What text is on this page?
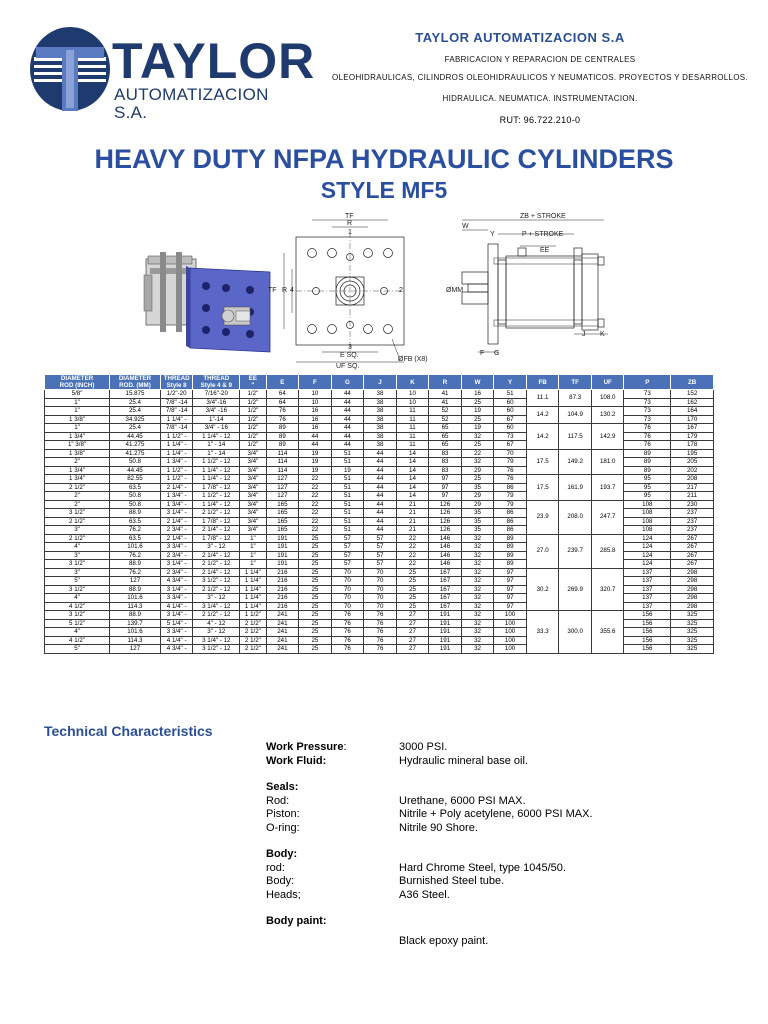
TAYLOR
AUTOMATIZACION S.A.
TAYLOR AUTOMATIZACION S.A
FABRICACION Y REPARACION DE CENTRALES
OLEOHIDRAULICAS, CILINDROS OLEOHIDRAULICOS Y NEUMATICOS. PROYECTOS Y DESARROLLOS.
HIDRAULICA. NEUMATICA. INSTRUMENTACION.
RUT: 96.722.210-0
HEAVY DUTY NFPA HYDRAULIC CYLINDERS
STYLE MF5
TF
R
TF R 4	2
1
3
E SQ.
UF SQ.
ØFB (X8)
ZB + STROKE
W
Y	P + STROKE
EE
ØMM
F G
J K
DIAMETER
ROD (INCH)	DIAMETER
ROD. (MM)	THREAD
Style 8	THREAD
Style 4 & 9	EE
"	E	F	G	J	K	R	W	Y	FB	TF	UF	P	ZB
5/8"	15.875	1/2"-20	7/16"-20	1/2"	64	10	44	38	10	41	16	51	11.1	87.3	108.0	73	152
1"	25.4	7/8" -14	3/4"-16	1/2"	64	10	44	38	10	41	25	60				73	162
1"	25.4	7/8" -14	3/4" -16	1/2"	76	16	44	38	11	52	19	60	14.2	104.9	130.2	73	164
1 3/8"	34.925	1 1/4" -	1"-14	1/2"	76	16	44	38	11	52	25	67				73	170
1"	25.4	7/8" -14	3/4" - 16	1/2"	89	16	44	38	11	65	19	60	14.2	117.5	142.9	76	167
1 3/4"	44.45	1 1/2" -	1 1/4" - 12	1/2"	89	44	44	38	11	65	32	73				76	179
1" 3/8"	41.275	1 1/4" -	1" - 14	1/2"	89	44	44	38	11	65	25	67				76	178
1 3/8"	41.275	1 1/4" -	1" - 14	3/4"	114	19	51	44	14	83	22	70	17.5	149.2	181.0	89	195
2"	50.8	1 3/4" -	1 1/2" - 12	3/4"	114	19	51	44	14	83	32	79				89	205
1 3/4"	44.45	1 1/2" -	1 1/4" - 12	3/4"	114	19	19	44	14	83	29	76				89	202
1 3/4"	82.55	1 1/2" -	1 1/4" - 12	3/4"	127	22	51	44	14	97	25	76	17.5	161.9	193.7	95	208
2 1/2"	63.5	2 1/4" -	1 7/8" - 12	3/4"	127	22	51	44	14	97	35	86				95	217
2"	50.8	1 3/4" -	1 1/2" - 12	3/4"	127	22	51	44	14	97	29	79				95	211
2"	50.8	1 3/4" -	1 1/4" - 12	3/4"	165	22	51	44	21	126	29	79	23.9	208.0	247.7	108	230
3 1/2"	88.9	3 1/4" -	2 1/2" - 12	3/4"	165	22	51	44	21	126	35	86				108	237
2 1/2"	63.5	2 1/4" -	1 7/8" - 12	3/4"	165	22	51	44	21	126	35	86				108	237
3"	76.2	2 3/4" -	2 1/4" - 12	3/4"	165	22	51	44	21	126	35	86				108	237
2 1/2"	63.5	2 1/4" -	1 7/8" - 12	1"	191	25	57	57	22	146	32	89	27.0	239.7	285.8	124	267
4"	101.6	3 3/4" -	3" - 12	1"	191	25	57	57	22	146	32	89				124	267
3"	76.2	2 3/4" -	2 1/4" - 12	1"	191	25	57	57	22	146	32	89				124	267
3 1/2"	88.9	3 1/4" -	2 1/2" - 12	1"	191	25	57	57	22	146	32	89				124	267
3"	76.2	2 3/4" -	2 1/4" - 12	1 1/4"	216	25	70	70	25	167	32	97	30.2	269.9	320.7	137	298
5"	127	4 3/4" -	3 1/2" - 12	1 1/4"	216	25	70	70	25	167	32	97				137	298
3 1/2"	88.9	3 1/4" -	2 1/2" - 12	1 1/4"	216	25	70	70	25	167	32	97				137	298
4"	101.6	3 3/4" -	3" - 12	1 1/4"	216	25	70	70	25	167	32	97				137	298
4 1/2"	114.3	4 1/4" -	3 1/4" - 12	1 1/4"	216	25	70	70	25	167	32	97				137	298
3 1/2"	88.9	3 1/4" -	2 1/2" - 12	1 1/2"	241	25	76	76	27	191	32	100	33.3	300.0	355.6	156	325
5 1/2"	139.7	5 1/4" -	4" - 12	2 1/2"	241	25	76	76	27	191	32	100				156	325
4"	101.6	3 3/4" -	3" - 12	2 1/2"	241	25	76	76	27	191	32	100				156	325
4 1/2"	114.3	4 1/4" -	3 1/4" - 12	2 1/2"	241	25	76	76	27	191	32	100				156	325
5"	127	4 3/4" -	3 1/2" - 12	2 1/2"	241	25	76	76	27	191	32	100				156	325
Technical Characteristics
Work Pressure:	3000 PSI.
Work Fluid:	Hydraulic mineral base oil.
Seals:
Rod:	Urethane, 6000 PSI MAX.
Piston:	Nitrile + Poly acetylene, 6000 PSI MAX.
O-ring:	Nitrile 90 Shore.
Body:
rod:	Hard Chrome Steel, type 1045/50.
Body:	Burnished Steel tube.
Heads;	A36 Steel.
Body paint:
Black epoxy paint.
